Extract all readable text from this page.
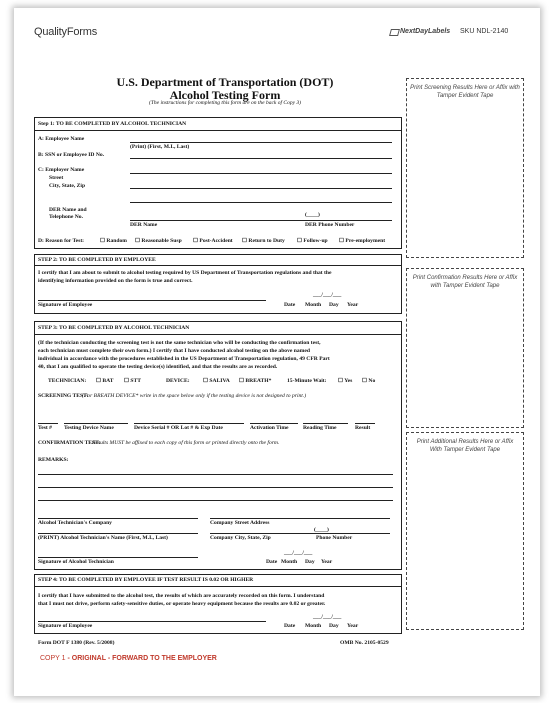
QualityForms	NextDayLabels SKU NDL-2140
U.S. Department of Transportation (DOT)
Alcohol Testing Form
(The instructions for completing this form are on the back of Copy 3)
Print Screening Results Here or Affix with Tamper Evident Tape
Print Confirmation Results Here or Affix with Tamper Evident Tape
Print Additional Results Here or Affix With Tamper Evident Tape
Step 1: TO BE COMPLETED BY ALCOHOL TECHNICIAN
A: Employee Name
(Print) (First, M.I., Last)
B: SSN or Employee ID No.
C: Employer Name
Street
City, State, Zip
DER Name and
Telephone No.	(____)
DER Name	DER Phone Number
D: Reason for Test:	☐ Random ☐ Reasonable Susp ☐ Post-Accident ☐ Return to Duty ☐ Follow-up ☐ Pre-employment
STEP 2: TO BE COMPLETED BY EMPLOYEE
I certify that I am about to submit to alcohol testing required by US Department of Transportation regulations and that the
identifying information provided on the form is true and correct.
___/___/___
Signature of Employee	Date Month Day Year
STEP 3: TO BE COMPLETED BY ALCOHOL TECHNICIAN
(If the technician conducting the screening test is not the same technician who will be conducting the confirmation test,
each technician must complete their own form.) I certify that I have conducted alcohol testing on the above named
individual in accordance with the procedures established in the US Department of Transportation regulation, 49 CFR Part
40, that I am qualified to operate the testing device(s) identified, and that the results are as recorded.
TECHNICIAN: ☐ BAT ☐ STT	DEVICE: ☐ SALIVA ☐ BREATH*	15-Minute Wait: ☐ Yes ☐ No
SCREENING TEST:
(For BREATH DEVICE* write in the space below only if the testing device is not designed to print.)
Test # Testing Device Name	Device Serial # OR Lot # & Exp Date	Activation Time	Reading Time	Result
CONFIRMATION TEST:
Results MUST be affixed to each copy of this form or printed directly onto the form.
REMARKS:
Alcohol Technician's Company	Company Street Address
(____)
(PRINT) Alcohol Technician's Name (First, M.I., Last)	Company City, State, Zip	Phone Number
___/___/___
Signature of Alcohol Technician	Date Month Day Year
STEP 4: TO BE COMPLETED BY EMPLOYEE IF TEST RESULT IS 0.02 OR HIGHER
I certify that I have submitted to the alcohol test, the results of which are accurately recorded on this form. I understand
that I must not drive, perform safety-sensitive duties, or operate heavy equipment because the results are 0.02 or greater.
___/___/___
Signature of Employee	Date Month Day Year
Form DOT F 1380 (Rev. 5/2008)	OMB No. 2105-0529
COPY 1 - ORIGINAL - FORWARD TO THE EMPLOYER
